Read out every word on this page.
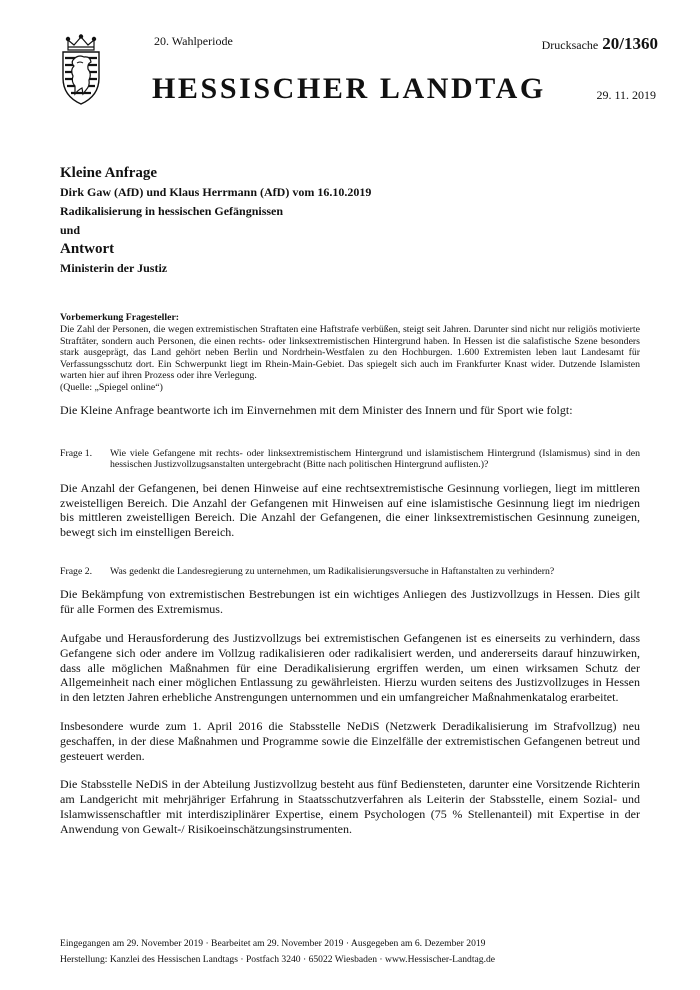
20. Wahlperiode
HESSISCHER LANDTAG
Drucksache 20/1360
29. 11. 2019

Kleine Anfrage

Dirk Gaw (AfD) und Klaus Herrmann (AfD) vom 16.10.2019

Radikalisierung in hessischen Gefängnissen

und

Antwort

Ministerin der Justiz

Vorbemerkung Fragesteller:

Die Zahl der Personen, die wegen extremistischen Straftaten eine Haftstrafe verbüßen, steigt seit Jahren. Darunter sind nicht nur religiös motivierte Straftäter, sondern auch Personen, die einen rechts- oder linksextremistischen Hintergrund haben. In Hessen ist die salafistische Szene besonders stark ausgeprägt, das Land gehört neben Berlin und Nordrhein-Westfalen zu den Hochburgen. 1.600 Extremisten leben laut Landesamt für Verfassungsschutz dort. Ein Schwerpunkt liegt im Rhein-Main-Gebiet. Das spiegelt sich auch im Frankfurter Knast wider. Dutzende Islamisten warten hier auf ihren Prozess oder ihre Verlegung.

(Quelle: „Spiegel online“)

Die Kleine Anfrage beantworte ich im Einvernehmen mit dem Minister des Innern und für Sport wie folgt:

Frage 1.	Wie viele Gefangene mit rechts- oder linksextremistischem Hintergrund und islamistischem Hintergrund (Islamismus) sind in den hessischen Justizvollzugsanstalten untergebracht (Bitte nach politischen Hintergrund auflisten.)?

Die Anzahl der Gefangenen, bei denen Hinweise auf eine rechtsextremistische Gesinnung vorliegen, liegt im mittleren zweistelligen Bereich. Die Anzahl der Gefangenen mit Hinweisen auf eine islamistische Gesinnung liegt im niedrigen bis mittleren zweistelligen Bereich. Die Anzahl der Gefangenen, die einer linksextremistischen Gesinnung zuneigen, bewegt sich im einstelligen Bereich.

Frage 2.	Was gedenkt die Landesregierung zu unternehmen, um Radikalisierungsversuche in Haftanstalten zu verhindern?

Die Bekämpfung von extremistischen Bestrebungen ist ein wichtiges Anliegen des Justizvollzugs in Hessen. Dies gilt für alle Formen des Extremismus.

Aufgabe und Herausforderung des Justizvollzugs bei extremistischen Gefangenen ist es einerseits zu verhindern, dass Gefangene sich oder andere im Vollzug radikalisieren oder radikalisiert werden, und andererseits darauf hinzuwirken, dass alle möglichen Maßnahmen für eine Deradikalisierung ergriffen werden, um einen wirksamen Schutz der Allgemeinheit nach einer möglichen Entlassung zu gewährleisten. Hierzu wurden seitens des Justizvollzuges in Hessen in den letzten Jahren erhebliche Anstrengungen unternommen und ein umfangreicher Maßnahmenkatalog erarbeitet.

Insbesondere wurde zum 1. April 2016 die Stabsstelle NeDiS (Netzwerk Deradikalisierung im Strafvollzug) neu geschaffen, in der diese Maßnahmen und Programme sowie die Einzelfälle der extremistischen Gefangenen betreut und gesteuert werden.

Die Stabsstelle NeDiS in der Abteilung Justizvollzug besteht aus fünf Bediensteten, darunter eine Vorsitzende Richterin am Landgericht mit mehrjähriger Erfahrung in Staatsschutzverfahren als Leiterin der Stabsstelle, einem Sozial- und Islamwissenschaftler mit interdisziplinärer Expertise, einem Psychologen (75 % Stellenanteil) mit Expertise in der Anwendung von Gewalt-/ Risikoeinschätzungsinstrumenten.

Eingegangen am 29. November 2019 · Bearbeitet am 29. November 2019 · Ausgegeben am 6. Dezember 2019

Herstellung: Kanzlei des Hessischen Landtags · Postfach 3240 · 65022 Wiesbaden · www.Hessischer-Landtag.de
